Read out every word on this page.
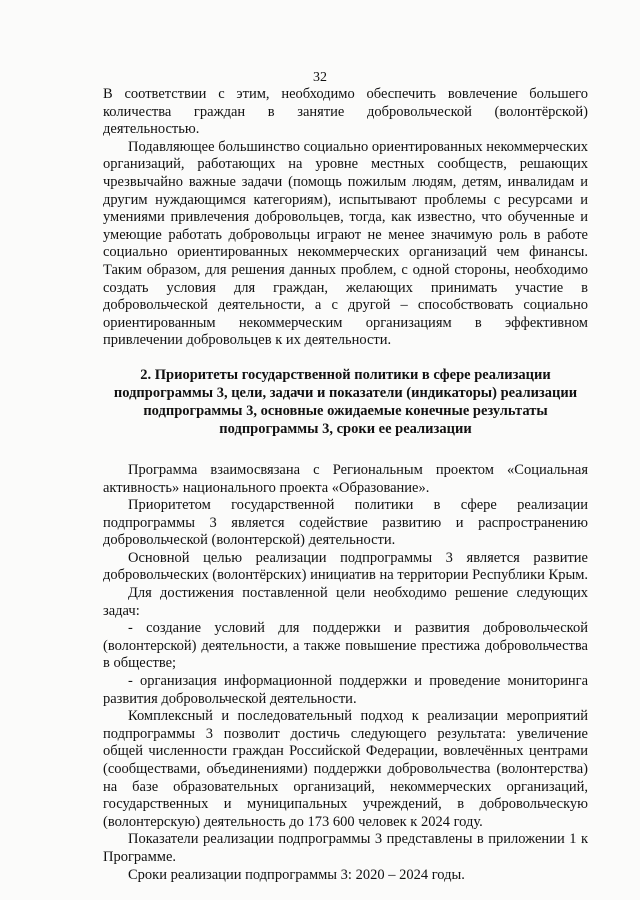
32

В соответствии с этим, необходимо обеспечить вовлечение большего количества граждан в занятие добровольческой (волонтёрской) деятельностью.

Подавляющее большинство социально ориентированных некоммерческих организаций, работающих на уровне местных сообществ, решающих чрезвычайно важные задачи (помощь пожилым людям, детям, инвалидам и другим нуждающимся категориям), испытывают проблемы с ресурсами и умениями привлечения добровольцев, тогда, как известно, что обученные и умеющие работать добровольцы играют не менее значимую роль в работе социально ориентированных некоммерческих организаций чем финансы. Таким образом, для решения данных проблем, с одной стороны, необходимо создать условия для граждан, желающих принимать участие в добровольческой деятельности, а с другой – способствовать социально ориентированным некоммерческим организациям в эффективном привлечении добровольцев к их деятельности.

2. Приоритеты государственной политики в сфере реализации
подпрограммы 3, цели, задачи и показатели (индикаторы) реализации
подпрограммы 3, основные ожидаемые конечные результаты
подпрограммы 3, сроки ее реализации

Программа взаимосвязана с Региональным проектом «Социальная активность» национального проекта «Образование».

Приоритетом государственной политики в сфере реализации подпрограммы 3 является содействие развитию и распространению добровольческой (волонтерской) деятельности.

Основной целью реализации подпрограммы 3 является развитие добровольческих (волонтёрских) инициатив на территории Республики Крым.

Для достижения поставленной цели необходимо решение следующих задач:

- создание условий для поддержки и развития добровольческой (волонтерской) деятельности, а также повышение престижа добровольчества в обществе;

- организация информационной поддержки и проведение мониторинга развития добровольческой деятельности.

Комплексный и последовательный подход к реализации мероприятий подпрограммы 3 позволит достичь следующего результата: увеличение общей численности граждан Российской Федерации, вовлечённых центрами (сообществами, объединениями) поддержки добровольчества (волонтерства) на базе образовательных организаций, некоммерческих организаций, государственных и муниципальных учреждений, в добровольческую (волонтерскую) деятельность до 173 600 человек к 2024 году.

Показатели реализации подпрограммы 3 представлены в приложении 1 к Программе.

Сроки реализации подпрограммы 3: 2020 – 2024 годы.
